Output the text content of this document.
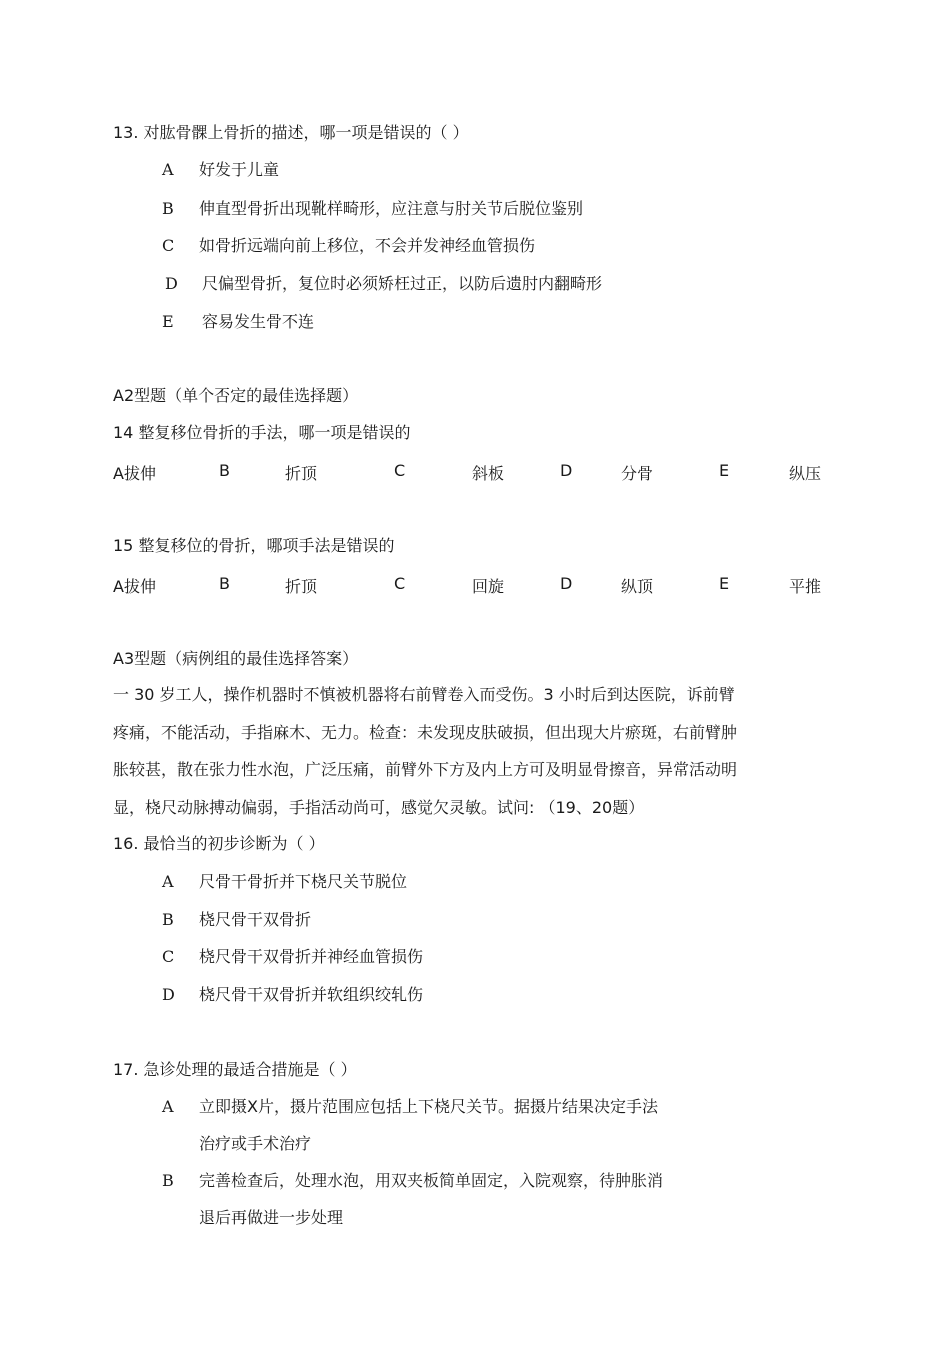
13. 对肱骨髁上骨折的描述，哪一项是错误的（ ）
A 好发于儿童
B 伸直型骨折出现靴样畸形，应注意与肘关节后脱位鉴别
C 如骨折远端向前上移位，不会并发神经血管损伤
D 尺偏型骨折，复位时必须矫枉过正，以防后遗肘内翻畸形
E 容易发生骨不连
A2型题（单个否定的最佳选择题）
14 整复移位骨折的手法，哪一项是错误的
A拔伸	B	折顶	C	斜板	D	分骨	E	纵压
15 整复移位的骨折，哪项手法是错误的
A拔伸	B	折顶	C	回旋	D	纵顶	E	平推
A3型题（病例组的最佳选择答案）
一 30 岁工人，操作机器时不慎被机器将右前臂卷入而受伤。3 小时后到达医院，诉前臂
疼痛，不能活动，手指麻木、无力。检查：未发现皮肤破损，但出现大片瘀斑，右前臂肿
胀较甚，散在张力性水泡，广泛压痛，前臂外下方及内上方可及明显骨擦音，异常活动明
显，桡尺动脉搏动偏弱，手指活动尚可，感觉欠灵敏。试问: （19、20题）
16. 最恰当的初步诊断为（ ）
A 尺骨干骨折并下桡尺关节脱位
B 桡尺骨干双骨折
C 桡尺骨干双骨折并神经血管损伤
D 桡尺骨干双骨折并软组织绞轧伤
17. 急诊处理的最适合措施是（ ）
A 立即摄X片，摄片范围应包括上下桡尺关节。据摄片结果决定手法
治疗或手术治疗
B 完善检查后，处理水泡，用双夹板简单固定，入院观察，待肿胀消
退后再做进一步处理
